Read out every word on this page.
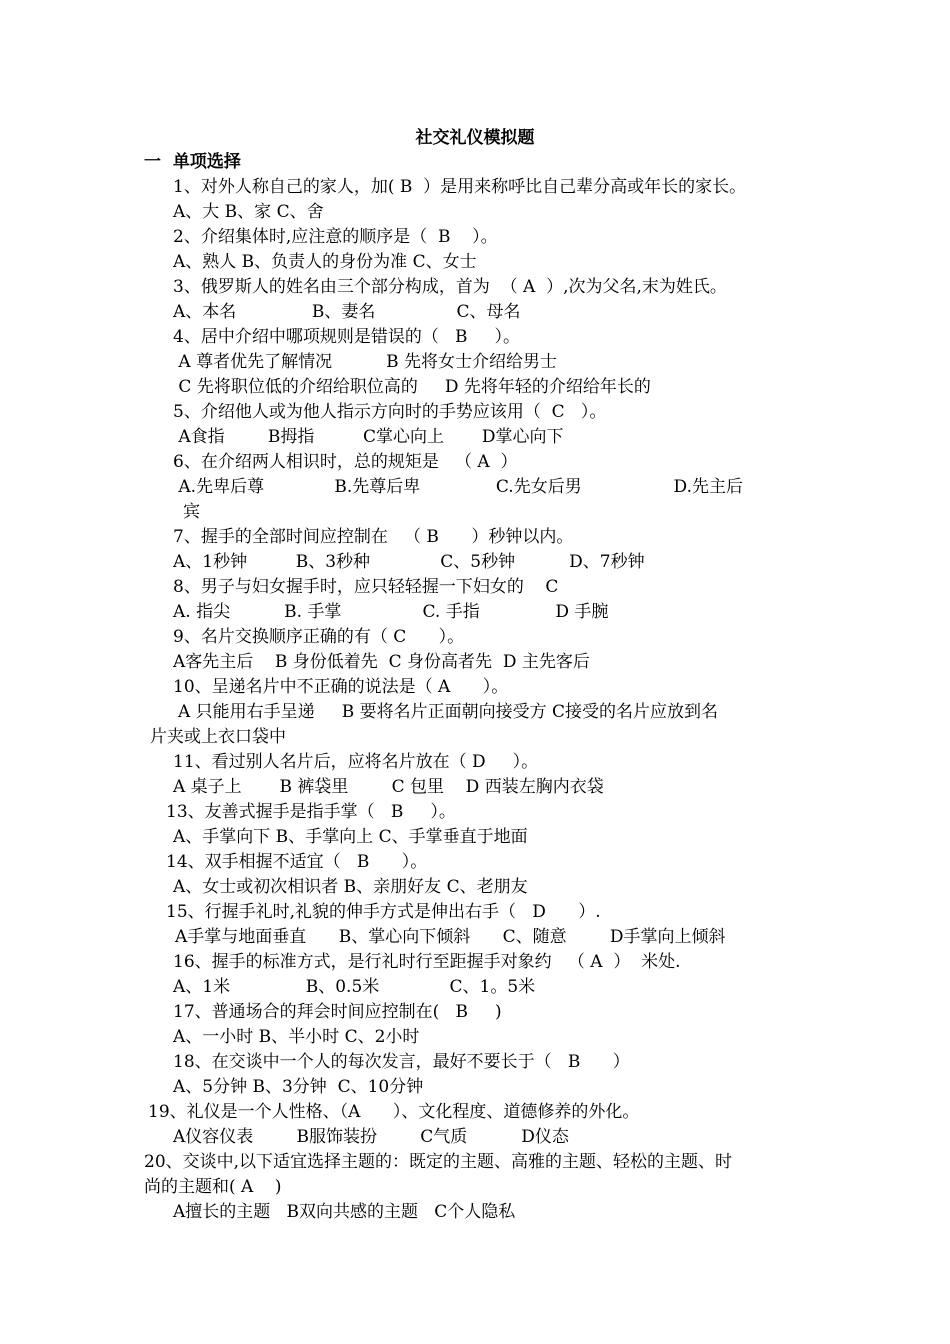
社交礼仪模拟题
一  单项选择
1、对外人称自己的家人，加( B  ）是用来称呼比自己辈分高或年长的家长。
A、大 B、家 C、舍
2、介绍集体时,应注意的顺序是（  B    ）。
A、熟人 B、负责人的身份为准 C、女士
3、俄罗斯人的姓名由三个部分构成，首为  （ A  ）,次为父名,末为姓氏。
A、本名              B、妻名               C、母名
4、居中介绍中哪项规则是错误的（   B     ）。
A 尊者优先了解情况          B 先将女士介绍给男士
C 先将职位低的介绍给职位高的     D 先将年轻的介绍给年长的
5、介绍他人或为他人指示方向时的手势应该用（  C   ）。
A食指        B拇指         C掌心向上       D掌心向下
6、在介绍两人相识时，总的规矩是   （ A  ）
A.先卑后尊             B.先尊后卑              C.先女后男                 D.先主后
宾
7、握手的全部时间应控制在   （ B      ）秒钟以内。
A、1秒钟         B、3秒种             C、5秒钟          D、7秒钟
8、男子与妇女握手时，应只轻轻握一下妇女的    C
A. 指尖          B. 手掌               C. 手指              D 手腕
9、名片交换顺序正确的有（ C      ）。
A客先主后    B 身份低着先  C 身份高者先  D 主先客后
10、呈递名片中不正确的说法是（ A      ）。
A 只能用右手呈递     B 要将名片正面朝向接受方 C接受的名片应放到名
片夹或上衣口袋中
11、看过别人名片后，应将名片放在（ D     ）。
A 桌子上       B 裤袋里        C 包里    D 西装左胸内衣袋
13、友善式握手是指手掌（   B     ）。
A、手掌向下 B、手掌向上 C、手掌垂直于地面
14、双手相握不适宜（   B      ）。
A、女士或初次相识者 B、亲朋好友 C、老朋友
15、行握手礼时,礼貌的伸手方式是伸出右手（   D      ）.
A手掌与地面垂直      B、掌心向下倾斜      C、随意        D手掌向上倾斜
16、握手的标准方式，是行礼时行至距握手对象约   （ A  ）  米处.
A、1米              B、0.5米             C、1。5米
17、普通场合的拜会时间应控制在(   B     )
A、一小时 B、半小时 C、2小时
18、在交谈中一个人的每次发言，最好不要长于（   B      ）
A、5分钟 B、3分钟  C、10分钟
19、礼仪是一个人性格、（A      ）、文化程度、道德修养的外化。
A仪容仪表        B服饰装扮        C气质          D仪态
20、交谈中,以下适宜选择主题的：既定的主题、高雅的主题、轻松的主题、时
尚的主题和( A    )
A擅长的主题   B双向共感的主题   C个人隐私
